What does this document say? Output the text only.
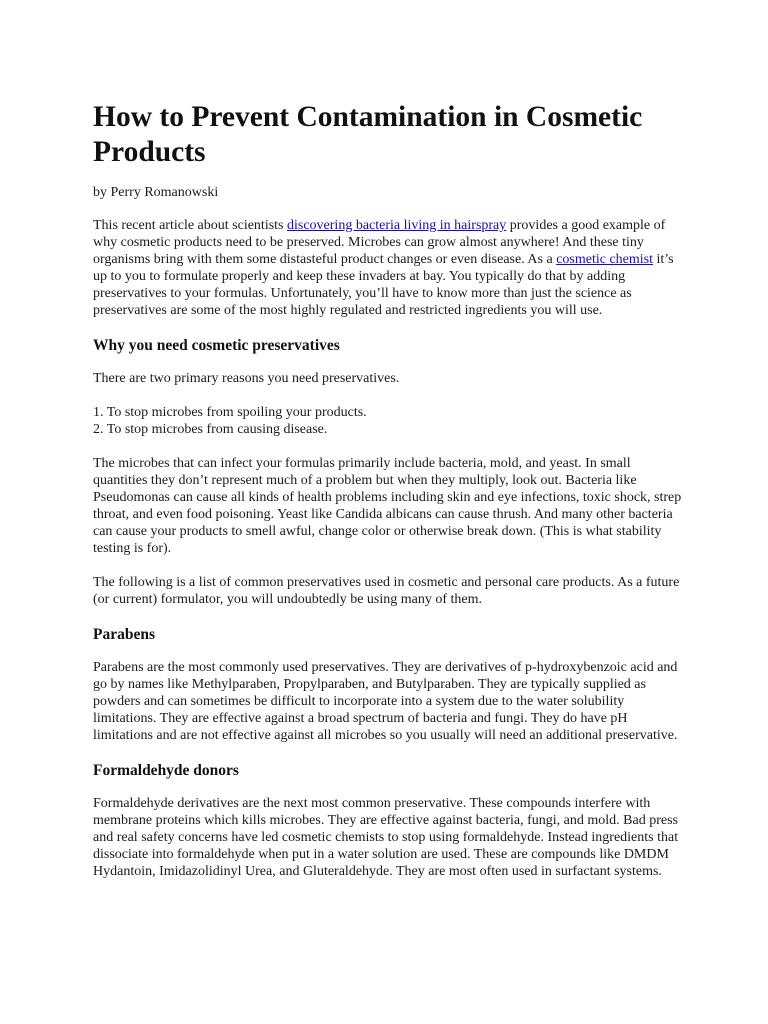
How to Prevent Contamination in Cosmetic Products
by Perry Romanowski

This recent article about scientists discovering bacteria living in hairspray provides a good example of why cosmetic products need to be preserved. Microbes can grow almost anywhere! And these tiny organisms bring with them some distasteful product changes or even disease. As a cosmetic chemist it’s up to you to formulate properly and keep these invaders at bay. You typically do that by adding preservatives to your formulas. Unfortunately, you’ll have to know more than just the science as preservatives are some of the most highly regulated and restricted ingredients you will use.

Why you need cosmetic preservatives

There are two primary reasons you need preservatives.

1. To stop microbes from spoiling your products.
2. To stop microbes from causing disease.

The microbes that can infect your formulas primarily include bacteria, mold, and yeast. In small quantities they don’t represent much of a problem but when they multiply, look out. Bacteria like Pseudomonas can cause all kinds of health problems including skin and eye infections, toxic shock, strep throat, and even food poisoning. Yeast like Candida albicans can cause thrush. And many other bacteria can cause your products to smell awful, change color or otherwise break down. (This is what stability testing is for).

The following is a list of common preservatives used in cosmetic and personal care products. As a future (or current) formulator, you will undoubtedly be using many of them.

Parabens

Parabens are the most commonly used preservatives. They are derivatives of p-hydroxybenzoic acid and go by names like Methylparaben, Propylparaben, and Butylparaben. They are typically supplied as powders and can sometimes be difficult to incorporate into a system due to the water solubility limitations. They are effective against a broad spectrum of bacteria and fungi. They do have pH limitations and are not effective against all microbes so you usually will need an additional preservative.

Formaldehyde donors

Formaldehyde derivatives are the next most common preservative. These compounds interfere with membrane proteins which kills microbes. They are effective against bacteria, fungi, and mold. Bad press and real safety concerns have led cosmetic chemists to stop using formaldehyde. Instead ingredients that dissociate into formaldehyde when put in a water solution are used. These are compounds like DMDM Hydantoin, Imidazolidinyl Urea, and Gluteraldehyde. They are most often used in surfactant systems.
